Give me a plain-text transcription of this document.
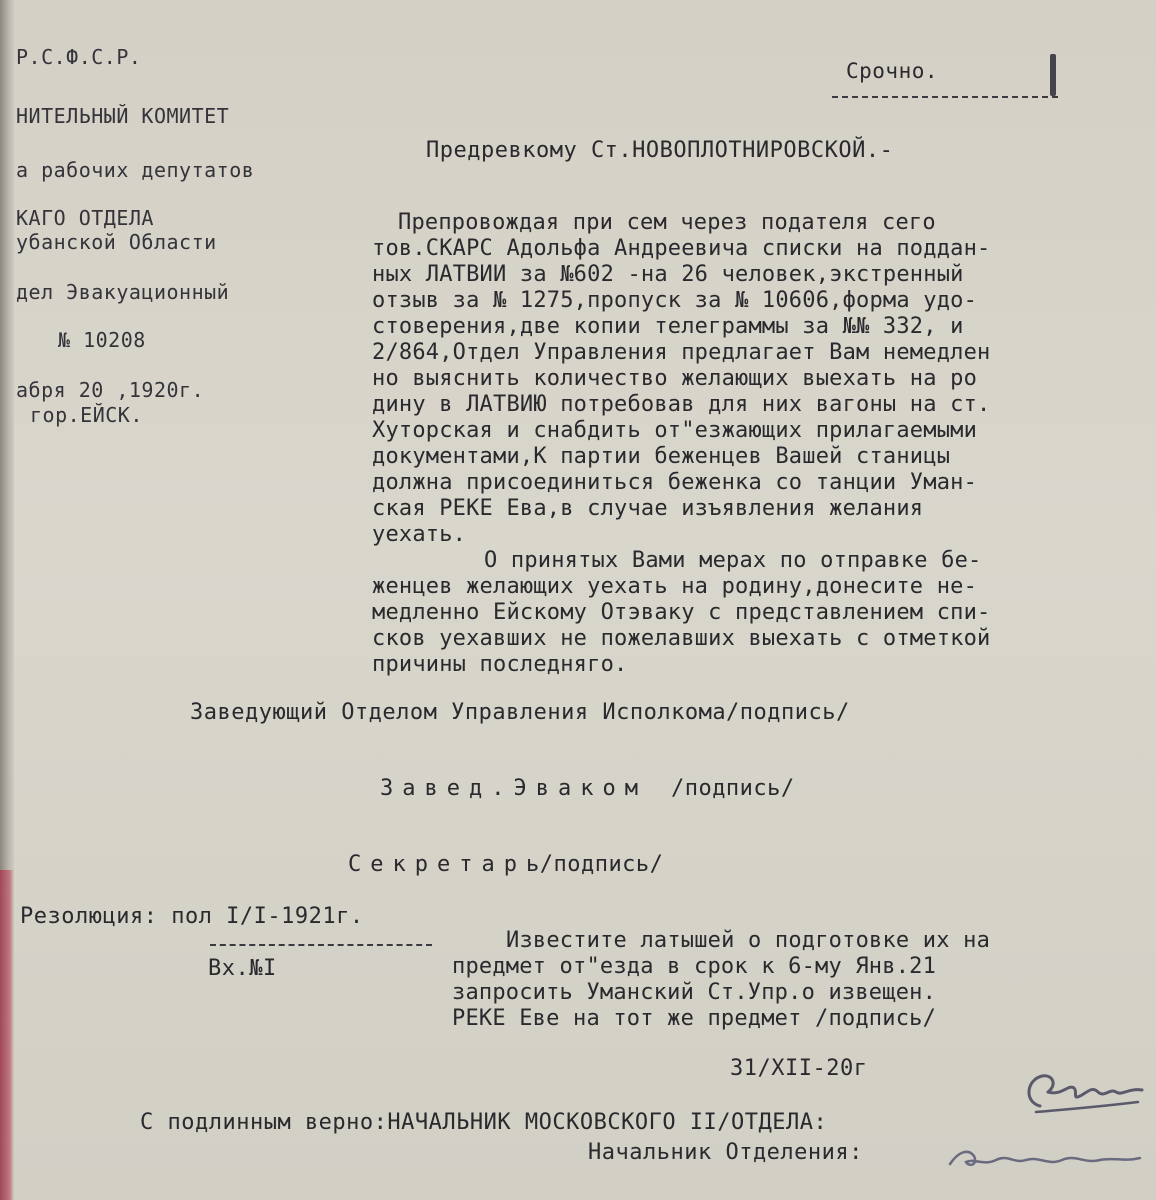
Р.С.Ф.С.Р.
НИТЕЛЬНЫЙ КОМИТЕТ
а рабочих депутатов
КАГО ОТДЕЛА
убанской Области
дел Эвакуационный
№ 10208
абря 20 ,1920г.
гор.ЕЙСК.
Срочно.
Предревкому Ст.НОВОПЛОТНИРОВСКОЙ.-
Препровождая при сем через подателя сего
тов.СКАРС Адольфа Андреевича списки на поддан-
ных ЛАТВИИ за №602 -на 26 человек,экстренный
отзыв за № 1275,пропуск за № 10606,форма удо-
стоверения,две копии телеграммы за №№ 332, и
2/864,Отдел Управления предлагает Вам немедлен
но выяснить количество желающих выехать на ро
дину в ЛАТВИЮ потребовав для них вагоны на ст.
Хуторская и снабдить от"езжающих прилагаемыми
документами,К партии беженцев Вашей станицы
должна присоединиться беженка со танции Уман-
ская РЕКЕ Ева,в случае изъявления желания
уехать.
О принятых Вами мерах по отправке бе-
женцев желающих уехать на родину,донесите не-
медленно Ейскому Отэваку с представлением спи-
сков уехавших не пожелавших выехать с отметкой
причины последняго.
Заведующий Отделом Управления Исполкома/подпись/
Завед.Эваком /подпись/
Секретарь/подпись/
Резолюция: пол I/I-1921г.
Вх.№I
Известите латышей о подготовке их на
предмет от"езда в срок к 6-му Янв.21
запросить Уманский Ст.Упр.о извещен.
РЕКЕ Еве на тот же предмет /подпись/
31/XII-20г
С подлинным верно:НАЧАЛЬНИК МОСКОВСКОГО II/ОТДЕЛА:
Начальник Отделения:
